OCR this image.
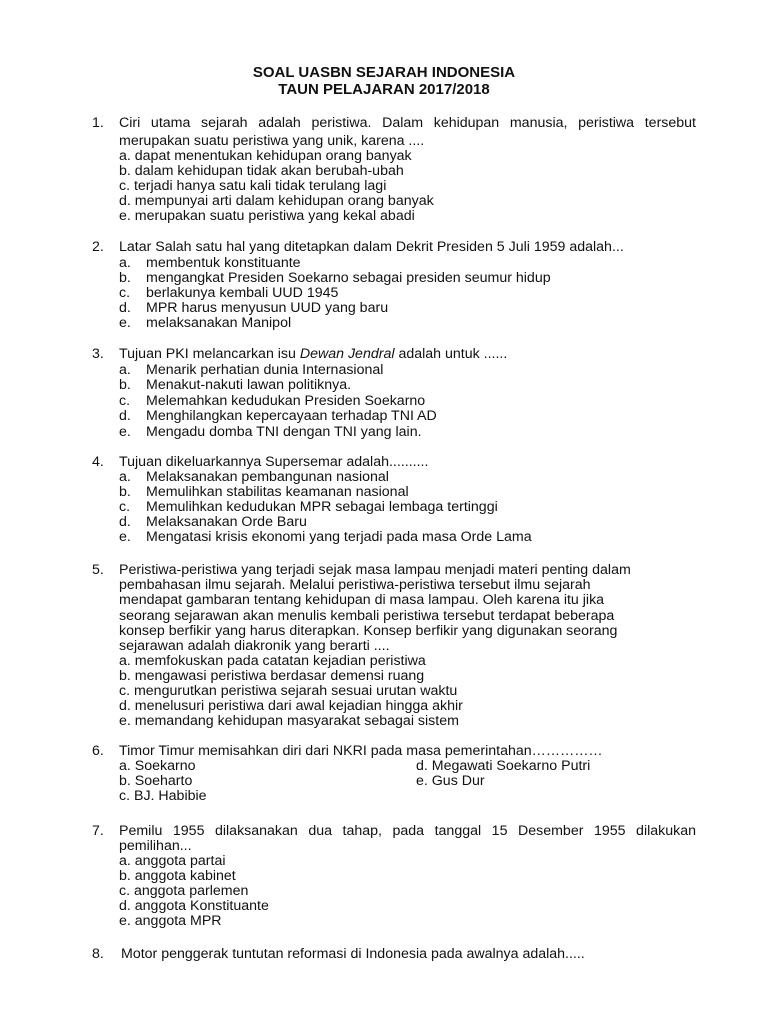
SOAL UASBN SEJARAH INDONESIA
TAUN PELAJARAN 2017/2018
1. Ciri utama sejarah adalah peristiwa. Dalam kehidupan manusia, peristiwa tersebut
merupakan suatu peristiwa yang unik, karena ....
a. dapat menentukan kehidupan orang banyak
b. dalam kehidupan tidak akan berubah-ubah
c. terjadi hanya satu kali tidak terulang lagi
d. mempunyai arti dalam kehidupan orang banyak
e. merupakan suatu peristiwa yang kekal abadi
2. Latar Salah satu hal yang ditetapkan dalam Dekrit Presiden 5 Juli 1959 adalah...
a. membentuk konstituante
b. mengangkat Presiden Soekarno sebagai presiden seumur hidup
c. berlakunya kembali UUD 1945
d. MPR harus menyusun UUD yang baru
e. melaksanakan Manipol
3. Tujuan PKI melancarkan isu Dewan Jendral adalah untuk ......
a. Menarik perhatian dunia Internasional
b. Menakut-nakuti lawan politiknya.
c. Melemahkan kedudukan Presiden Soekarno
d. Menghilangkan kepercayaan terhadap TNI AD
e. Mengadu domba TNI dengan TNI yang lain.
4. Tujuan dikeluarkannya Supersemar adalah..........
a. Melaksanakan pembangunan nasional
b. Memulihkan stabilitas keamanan nasional
c. Memulihkan kedudukan MPR sebagai lembaga tertinggi
d. Melaksanakan Orde Baru
e. Mengatasi krisis ekonomi yang terjadi pada masa Orde Lama
5. Peristiwa-peristiwa yang terjadi sejak masa lampau menjadi materi penting dalam
pembahasan ilmu sejarah. Melalui peristiwa-peristiwa tersebut ilmu sejarah
mendapat gambaran tentang kehidupan di masa lampau. Oleh karena itu jika
seorang sejarawan akan menulis kembali peristiwa tersebut terdapat beberapa
konsep berfikir yang harus diterapkan. Konsep berfikir yang digunakan seorang
sejarawan adalah diakronik yang berarti ....
a. memfokuskan pada catatan kejadian peristiwa
b. mengawasi peristiwa berdasar demensi ruang
c. mengurutkan peristiwa sejarah sesuai urutan waktu
d. menelusuri peristiwa dari awal kejadian hingga akhir
e. memandang kehidupan masyarakat sebagai sistem
6. Timor Timur memisahkan diri dari NKRI pada masa pemerintahan……………
a. Soekarno	d. Megawati Soekarno Putri
b. Soeharto	e. Gus Dur
c. BJ. Habibie
7. Pemilu 1955 dilaksanakan dua tahap, pada tanggal 15 Desember 1955 dilakukan
pemilihan...
a. anggota partai
b. anggota kabinet
c. anggota parlemen
d. anggota Konstituante
e. anggota MPR
8. Motor penggerak tuntutan reformasi di Indonesia pada awalnya adalah.....
